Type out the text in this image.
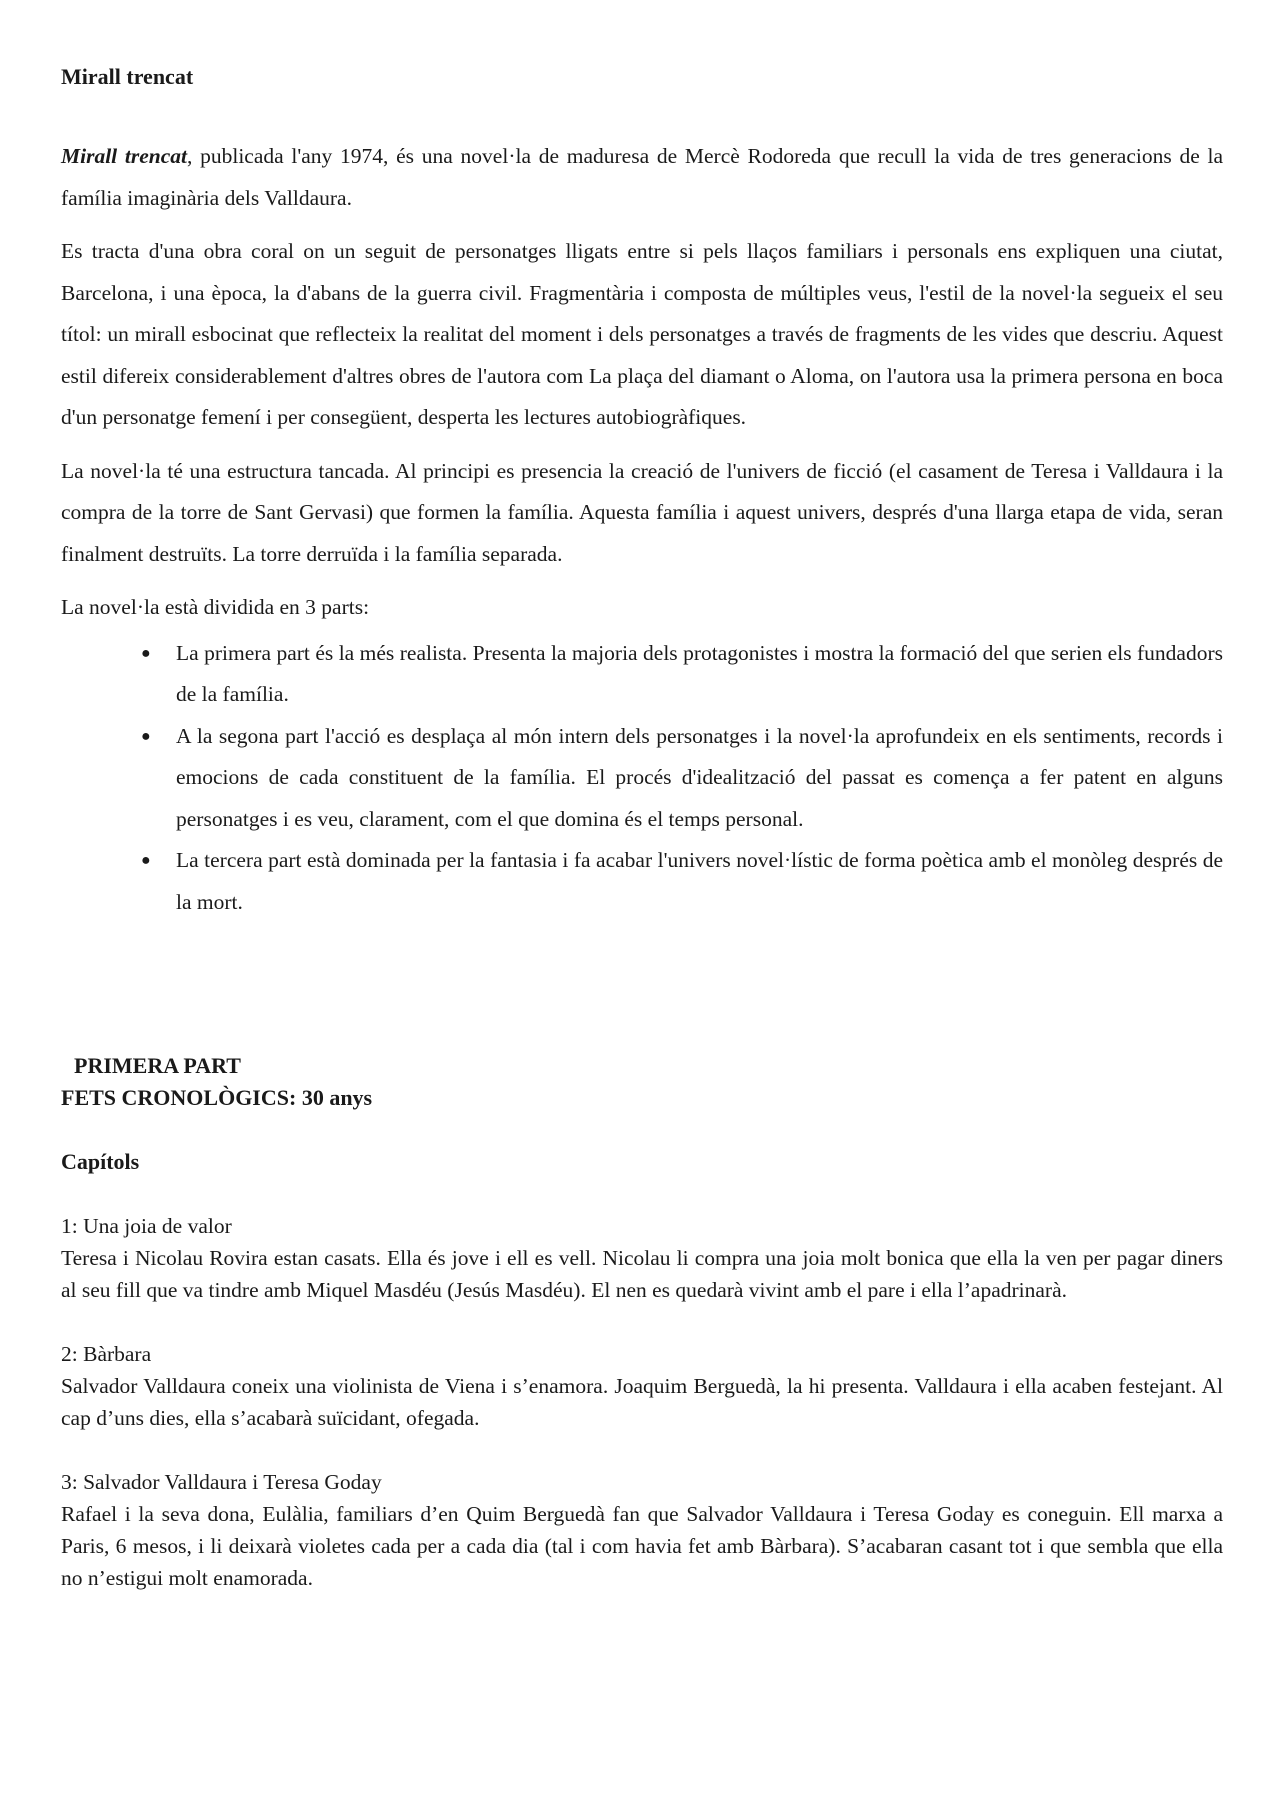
Mirall trencat

Mirall trencat, publicada l'any 1974, és una novel·la de maduresa de Mercè Rodoreda que recull la vida de tres generacions de la família imaginària dels Valldaura.

Es tracta d'una obra coral on un seguit de personatges lligats entre si pels llaços familiars i personals ens expliquen una ciutat, Barcelona, i una època, la d'abans de la guerra civil. Fragmentària i composta de múltiples veus, l'estil de la novel·la segueix el seu títol: un mirall esbocinat que reflecteix la realitat del moment i dels personatges a través de fragments de les vides que descriu. Aquest estil difereix considerablement d'altres obres de l'autora com La plaça del diamant o Aloma, on l'autora usa la primera persona en boca d'un personatge femení i per consegüent, desperta les lectures autobiogràfiques.

La novel·la té una estructura tancada. Al principi es presencia la creació de l'univers de ficció (el casament de Teresa i Valldaura i la compra de la torre de Sant Gervasi) que formen la família. Aquesta família i aquest univers, després d'una llarga etapa de vida, seran finalment destruïts. La torre derruïda i la família separada.

La novel·la està dividida en 3 parts:

● La primera part és la més realista. Presenta la majoria dels protagonistes i mostra la formació del que serien els fundadors de la família.
● A la segona part l'acció es desplaça al món intern dels personatges i la novel·la aprofundeix en els sentiments, records i emocions de cada constituent de la família. El procés d'idealització del passat es comença a fer patent en alguns personatges i es veu, clarament, com el que domina és el temps personal.
● La tercera part està dominada per la fantasia i fa acabar l'univers novel·lístic de forma poètica amb el monòleg després de la mort.
PRIMERA PART
FETS CRONOLÒGICS: 30 anys
Capítols

1: Una joia de valor

Teresa i Nicolau Rovira estan casats. Ella és jove i ell es vell. Nicolau li compra una joia molt bonica que ella la ven per pagar diners al seu fill que va tindre amb Miquel Masdéu (Jesús Masdéu). El nen es quedarà vivint amb el pare i ella l’apadrinarà.

2: Bàrbara

Salvador Valldaura coneix una violinista de Viena i s’enamora. Joaquim Berguedà, la hi presenta. Valldaura i ella acaben festejant. Al cap d’uns dies, ella s’acabarà suïcidant, ofegada.

3: Salvador Valldaura i Teresa Goday

Rafael i la seva dona, Eulàlia, familiars d’en Quim Berguedà fan que Salvador Valldaura i Teresa Goday es coneguin. Ell marxa a Paris, 6 mesos, i li deixarà violetes cada per a cada dia (tal i com havia fet amb Bàrbara). S’acabaran casant tot i que sembla que ella no n’estigui molt enamorada.
